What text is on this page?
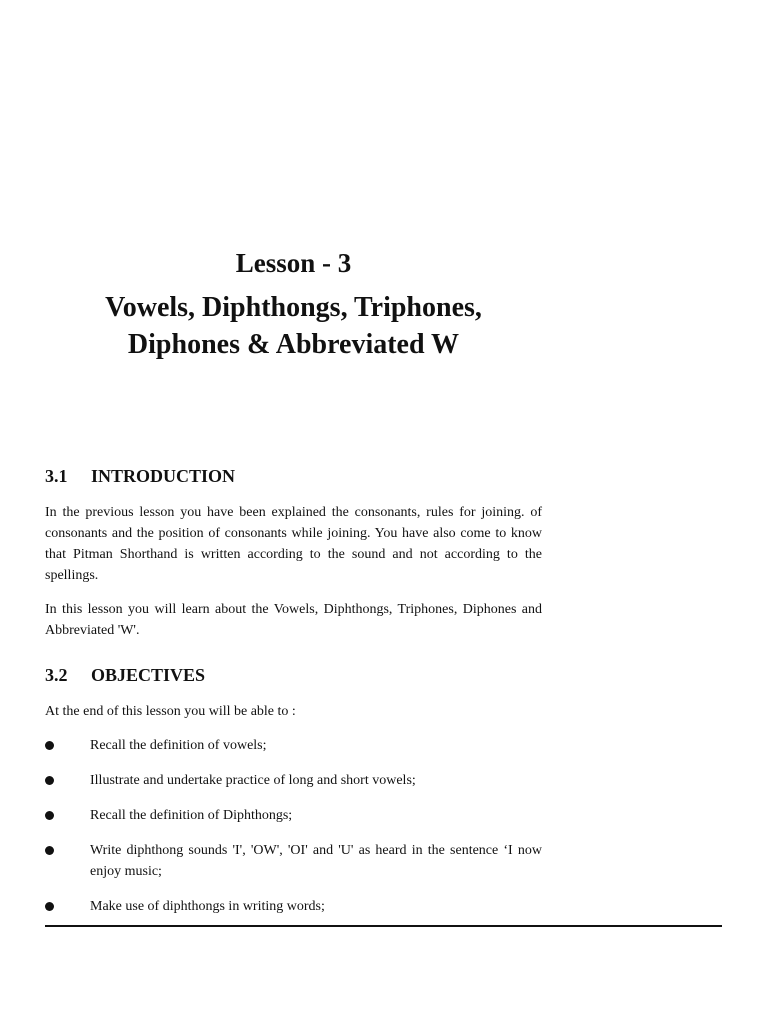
Lesson - 3
Vowels, Diphthongs, Triphones,
Diphones & Abbreviated W
3.1 INTRODUCTION

In the previous lesson you have been explained the consonants, rules for joining. of consonants and the position of consonants while joining. You have also come to know that Pitman Shorthand is written according to the sound and not according to the spellings.

In this lesson you will learn about the Vowels, Diphthongs, Triphones, Diphones and Abbreviated 'W'.

3.2 OBJECTIVES

At the end of this lesson you will be able to :

Recall the definition of vowels;
Illustrate and undertake practice of long and short vowels;
Recall the definition of Diphthongs;
Write diphthong sounds 'I', 'OW', 'OI' and 'U' as heard in the sentence ‘I now enjoy music;
Make use of diphthongs in writing words;
